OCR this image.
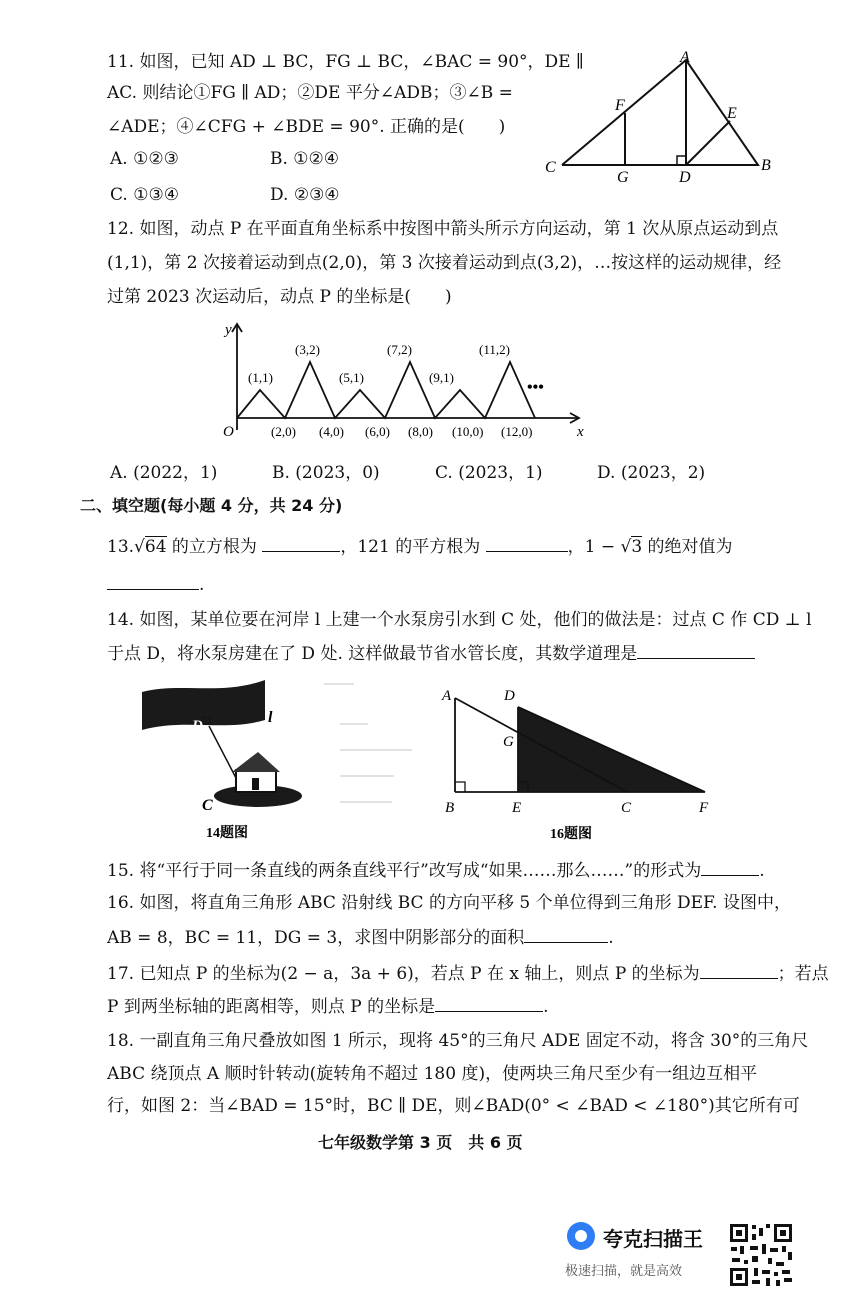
11. 如图，已知 AD ⊥ BC，FG ⊥ BC，∠BAC = 90°，DE ∥
AC. 则结论①FG ∥ AD；②DE 平分∠ADB；③∠B =
∠ADE；④∠CFG + ∠BDE = 90°. 正确的是(　　)
A. ①②③	B. ①②④
C. ①③④	D. ②③④
A
B
C
D
E
F
G
12. 如图，动点 P 在平面直角坐标系中按图中箭头所示方向运动，第 1 次从原点运动到点
(1,1)，第 2 次接着运动到点(2,0)，第 3 次接着运动到点(3,2)，…按这样的运动规律，经
过第 2023 次运动后，动点 P 的坐标是(　　)
y
x
O
•••
(1,1)
(3,2)
(5,1)
(7,2)
(9,1)
(11,2)
(2,0) (4,0) (6,0) (8,0) (10,0) (12,0)
A. (2022，1)	B. (2023，0)	C. (2023，1)	D. (2023，2)
二、填空题(每小题 4 分，共 24 分)
13.√64 的立方根为	，121 的平方根为	，1 − √3 的绝对值为
.
14. 如图，某单位要在河岸 l 上建一个水泵房引水到 C 处，他们的做法是：过点 C 作 CD ⊥ l
于点 D，将水泵房建在了 D 处. 这样做最节省水管长度，其数学道理是
D	l
C
14题图
A
B	C
D
E	F
G
16题图
15. 将“平行于同一条直线的两条直线平行”改写成“如果……那么……”的形式为	.
16. 如图，将直角三角形 ABC 沿射线 BC 的方向平移 5 个单位得到三角形 DEF. 设图中，
AB = 8，BC = 11，DG = 3，求图中阴影部分的面积	.
17. 已知点 P 的坐标为(2 − a，3a + 6)，若点 P 在 x 轴上，则点 P 的坐标为	；若点
P 到两坐标轴的距离相等，则点 P 的坐标是	.
18. 一副直角三角尺叠放如图 1 所示，现将 45°的三角尺 ADE 固定不动，将含 30°的三角尺
ABC 绕顶点 A 顺时针转动(旋转角不超过 180 度)，使两块三角尺至少有一组边互相平
行，如图 2：当∠BAD = 15°时，BC ∥ DE，则∠BAD(0° < ∠BAD < ∠180°)其它所有可
七年级数学第 3 页　共 6 页
夸克扫描王
极速扫描，就是高效
